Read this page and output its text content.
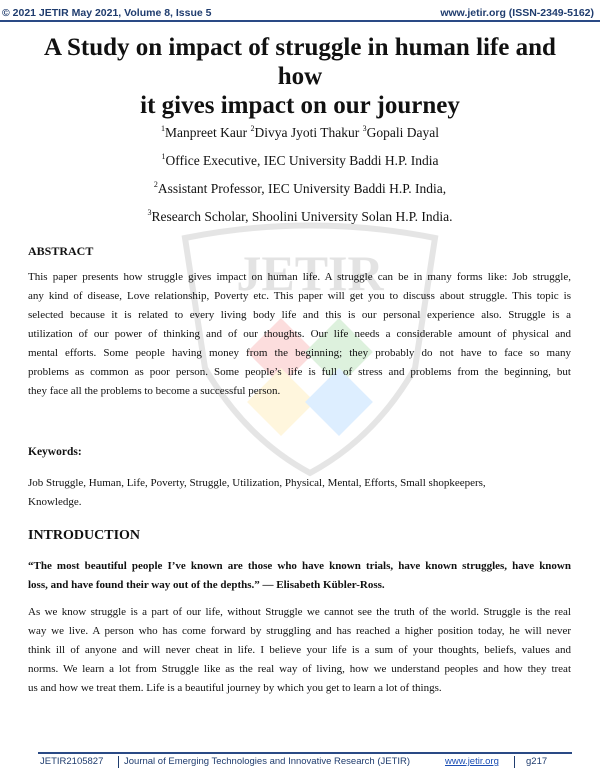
© 2021 JETIR May 2021, Volume 8, Issue 5	www.jetir.org (ISSN-2349-5162)
JETIR
A Study on impact of struggle in human life and how
it gives impact on our journey
$^1$Manpreet Kaur $^2$Divya Jyoti Thakur $^3$Gopali Dayal
$^1$Office Executive, IEC University Baddi H.P. India
$^2$Assistant Professor, IEC University Baddi H.P. India,
$^3$Research Scholar, Shoolini University Solan H.P. India.
ABSTRACT
This paper presents how struggle gives impact on human life. A struggle can be in many forms like: Job struggle,
any kind of disease, Love relationship, Poverty etc. This paper will get you to discuss about struggle. This topic is
selected because it is related to every living body life and this is our personal experience also. Struggle is a
utilization of our power of thinking and of our thoughts. Our life needs a considerable amount of physical and
mental efforts. Some people having money from the beginning; they probably do not have to face so many
problems as common as poor person. Some people’s life is full of stress and problems from the beginning, but
they face all the problems to become a successful person.
Keywords:
Job Struggle, Human, Life, Poverty, Struggle, Utilization, Physical, Mental, Efforts, Small shopkeepers,
Knowledge.
INTRODUCTION
“The most beautiful people I’ve known are those who have known trials, have known struggles, have known
loss, and have found their way out of the depths.” — Elisabeth Kübler-Ross.
As we know struggle is a part of our life, without Struggle we cannot see the truth of the world. Struggle is the real
way we live. A person who has come forward by struggling and has reached a higher position today, he will never
think ill of anyone and will never cheat in life. I believe your life is a sum of your thoughts, beliefs, values and
norms. We learn a lot from Struggle like as the real way of living, how we understand peoples and how they treat
us and how we treat them. Life is a beautiful journey by which you get to learn a lot of things.
JETIR2105827 Journal of Emerging Technologies and Innovative Research (JETIR)	www.jetir.org	g217
